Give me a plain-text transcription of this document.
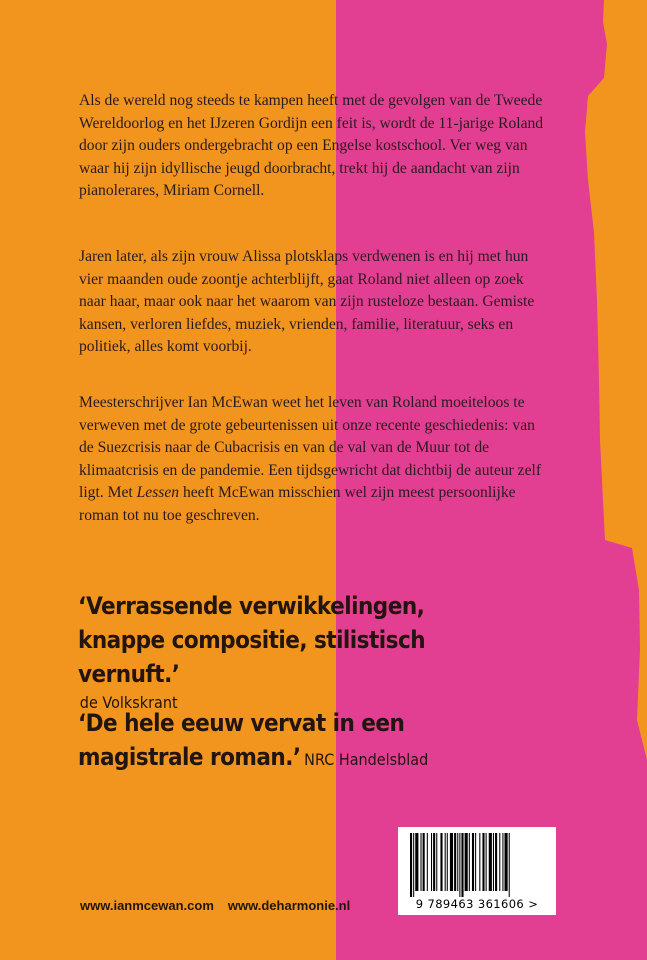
Als de wereld nog steeds te kampen heeft met de gevolgen van de Tweede Wereldoorlog en het IJzeren Gordijn een feit is, wordt de 11-jarige Roland door zijn ouders ondergebracht op een Engelse kostschool. Ver weg van waar hij zijn idyllische jeugd doorbracht, trekt hij de aandacht van zijn pianolerares, Miriam Cornell.

Jaren later, als zijn vrouw Alissa plotsklaps verdwenen is en hij met hun vier maanden oude zoontje achterblijft, gaat Roland niet alleen op zoek naar haar, maar ook naar het waarom van zijn rusteloze bestaan. Gemiste kansen, verloren liefdes, muziek, vrienden, familie, literatuur, seks en politiek, alles komt voorbij.

Meesterschrijver Ian McEwan weet het leven van Roland moeiteloos te verweven met de grote gebeurtenissen uit onze recente geschiedenis: van de Suezcrisis naar de Cubacrisis en van de val van de Muur tot de klimaatcrisis en de pandemie. Een tijdsgewricht dat dichtbij de auteur zelf ligt. Met Lessen heeft McEwan misschien wel zijn meest persoonlijke roman tot nu toe geschreven.

‘Verrassende verwikkelingen, knappe compositie, stilistisch vernuft.’
de Volkskrant
‘De hele eeuw vervat in een magistrale roman.’ NRC Handelsblad
www.ianmcewan.com www.deharmonie.nl	9 789463 361606 >
